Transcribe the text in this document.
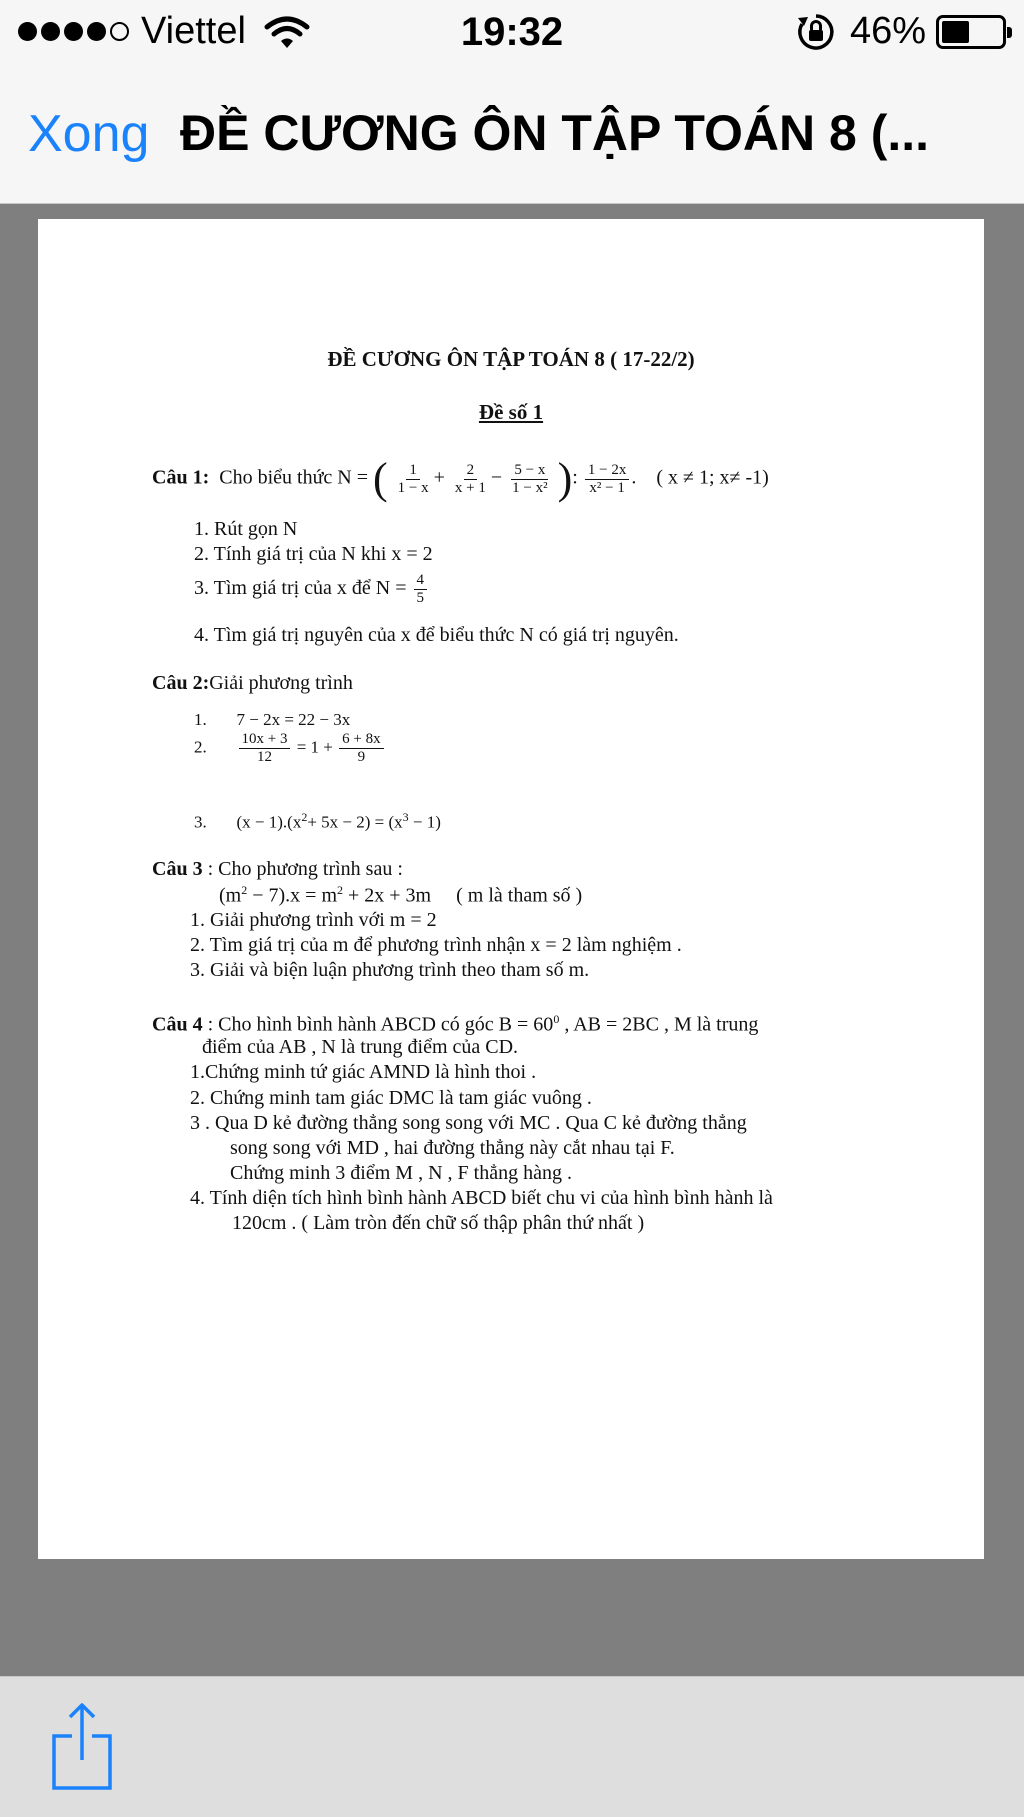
Viettel	19:32	46%
Xong ĐỀ CƯƠNG ÔN TẬP TOÁN 8 (...
ĐỀ CƯƠNG ÔN TẬP TOÁN 8 ( 17-22/2)
Đề số 1
Câu 1: Cho biểu thức N = ( $\frac{1}{1 - x} + \frac{2}{x + 1} - \frac{5 - x}{\text{1 − x²}}$ ): $\frac{1 - 2x}{\text{x² − 1}}$ .    ( x ≠ 1; x≠ -1)
1. Rút gọn N
2. Tính giá trị của N khi x = 2
3. Tìm giá trị của x để $N = \frac{4}{5}$
4. Tìm giá trị nguyên của x để biểu thức N có giá trị nguyên.
Câu 2:Giải phương trình
1. 7 − 2x = 22 − 3x
2. $\frac{10x + 3}{12} = 1 + \frac{6 + 8x}{9}$
3. $(x - 1).(x^2+ 5x - 2) = (x^3 - 1)$
Câu 3 : Cho phương trình sau :
$(m^2 - 7).x = m^2 + 2x + 3m$ ( m là tham số )
1. Giải phương trình với m = 2
2. Tìm giá trị của m để phương trình nhận x = 2 làm nghiệm .
3. Giải và biện luận phương trình theo tham số m.
Câu 4 : Cho hình bình hành ABCD có góc $B = 60^0$ , AB = 2BC , M là trung
điểm của AB , N là trung điểm của CD.
1.Chứng minh tứ giác AMND là hình thoi .
2. Chứng minh tam giác DMC là tam giác vuông .
3 . Qua D kẻ đường thẳng song song với MC . Qua C kẻ đường thẳng
song song với MD , hai đường thẳng này cắt nhau tại F.
Chứng minh 3 điểm M , N , F thẳng hàng .
4. Tính diện tích hình bình hành ABCD biết chu vi của hình bình hành là
120cm . ( Làm tròn đến chữ số thập phân thứ nhất )
